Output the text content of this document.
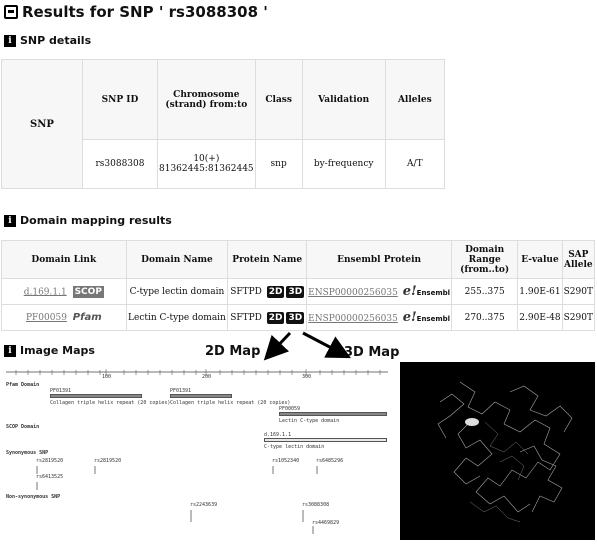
Results for SNP ' rs3088308 '
i SNP details
SNP	SNP ID	Chromosome (strand) from:to	Class	Validation	Alleles
	rs3088308	10(+) 81362445:81362445	snp	by-frequency	A/T
i Domain mapping results
Domain Link	Domain Name	Protein Name	Ensembl Protein	Domain Range (from..to)	E-value	SAP Allele
d.169.1.1 SCOP	C-type lectin domain	SFTPD 2D 3D	ENSP00000256035 e!Ensembl	255..375	1.90E-61	S290T
PF00059 Pfam	Lectin C-type domain	SFTPD 2D 3D	ENSP00000256035 e!Ensembl	270..375	2.90E-48	S290T
i Image Maps	2D Map	3D Map
100	200	300
Pfam Domain
PF01391
Collagen triple helix repeat (20 copies)
PF01391
Collagen triple helix repeat (20 copies)
PF00059
Lectin C-type domain
SCOP Domain
d.169.1.1
C-type lectin domain
Synonymous SNP
rs2819520	rs2819520
rs6413525
rs1052340	rs6485296
Non-synonymous SNP
rs2243639	rs3088308
rs4469829
